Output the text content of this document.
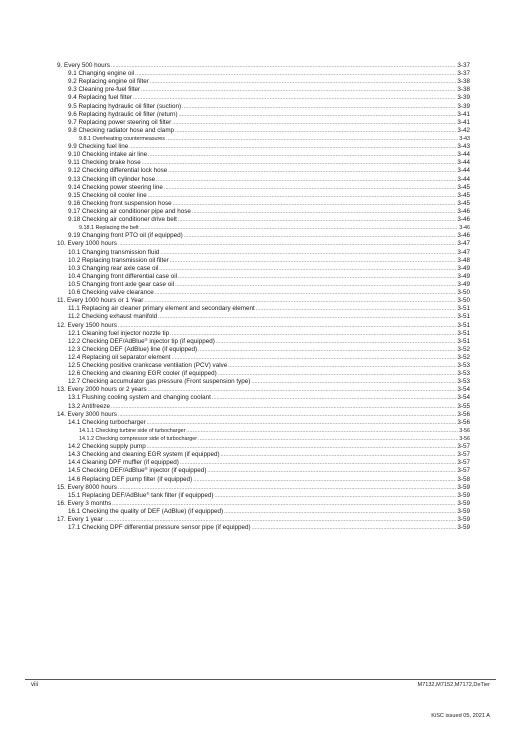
9. Every 500 hours .....	3-37
9.1 Changing engine oil .....	3-37
9.2 Replacing engine oil filter .....	3-38
9.3 Cleaning pre-fuel filter .....	3-38
9.4 Replacing fuel filter .....	3-39
9.5 Replacing hydraulic oil filter (suction) .....	3-39
9.6 Replacing hydraulic oil filter (return) .....	3-41
9.7 Replacing power steering oil filter .....	3-41
9.8 Checking radiator hose and clamp .....	3-42
9.8.1 Overheating countermeasures .....	3-43
9.9 Checking fuel line .....	3-43
9.10 Checking intake air line .....	3-44
9.11 Checking brake hose .....	3-44
9.12 Checking differential lock hose .....	3-44
9.13 Checking lift cylinder hose .....	3-44
9.14 Checking power steering line .....	3-45
9.15 Checking oil cooler line .....	3-45
9.16 Checking front suspension hose .....	3-45
9.17 Checking air conditioner pipe and hose .....	3-46
9.18 Checking air conditioner drive belt .....	3-46
9.18.1 Replacing the belt .....	3-46
9.19 Changing front PTO oil (if equipped) .....	3-46
10. Every 1000 hours .....	3-47
10.1 Changing transmission fluid .....	3-47
10.2 Replacing transmission oil filter .....	3-48
10.3 Changing rear axle case oil .....	3-49
10.4 Changing front differential case oil .....	3-49
10.5 Changing front axle gear case oil .....	3-49
10.6 Checking valve clearance .....	3-50
11. Every 1000 hours or 1 Year .....	3-50
11.1 Replacing air cleaner primary element and secondary element .....	3-51
11.2 Checking exhaust manifold .....	3-51
12. Every 1500 hours .....	3-51
12.1 Cleaning fuel injector nozzle tip .....	3-51
12.2 Checking DEF/AdBlue® injector tip (if equipped) .....	3-51
12.3 Checking DEF (AdBlue) line (if equipped) .....	3-52
12.4 Replacing oil separator element .....	3-52
12.5 Checking positive crankcase ventilation (PCV) valve .....	3-53
12.6 Checking and cleaning EGR cooler (if equipped) .....	3-53
12.7 Checking accumulator gas pressure (Front suspension type) .....	3-53
13. Every 2000 hours or 2 years .....	3-54
13.1 Flushing cooling system and changing coolant .....	3-54
13.2 Antifreeze .....	3-55
14. Every 3000 hours .....	3-56
14.1 Checking turbocharger .....	3-56
14.1.1 Checking turbine side of turbocharger .....	3-56
14.1.2 Checking compressor side of turbocharger .....	3-56
14.2 Checking supply pump .....	3-57
14.3 Checking and cleaning EGR system (if equipped) .....	3-57
14.4 Cleaning DPF muffler (if equipped) .....	3-57
14.5 Checking DEF/AdBlue® injector (if equipped) .....	3-57
14.6 Replacing DEF pump filter (if equipped) .....	3-58
15. Every 8000 hours .....	3-59
15.1 Replacing DEF/AdBlue® tank filter (if equipped) .....	3-59
16. Every 3 months .....	3-59
16.1 Checking the quality of DEF (AdBlue) (if equipped) .....	3-59
17. Every 1 year .....	3-59
17.1 Checking DPF differential pressure sensor pipe (if equipped) .....	3-59
viii	M7132,M7152,M7172,DeTier
KiSC issued 05, 2021 A
